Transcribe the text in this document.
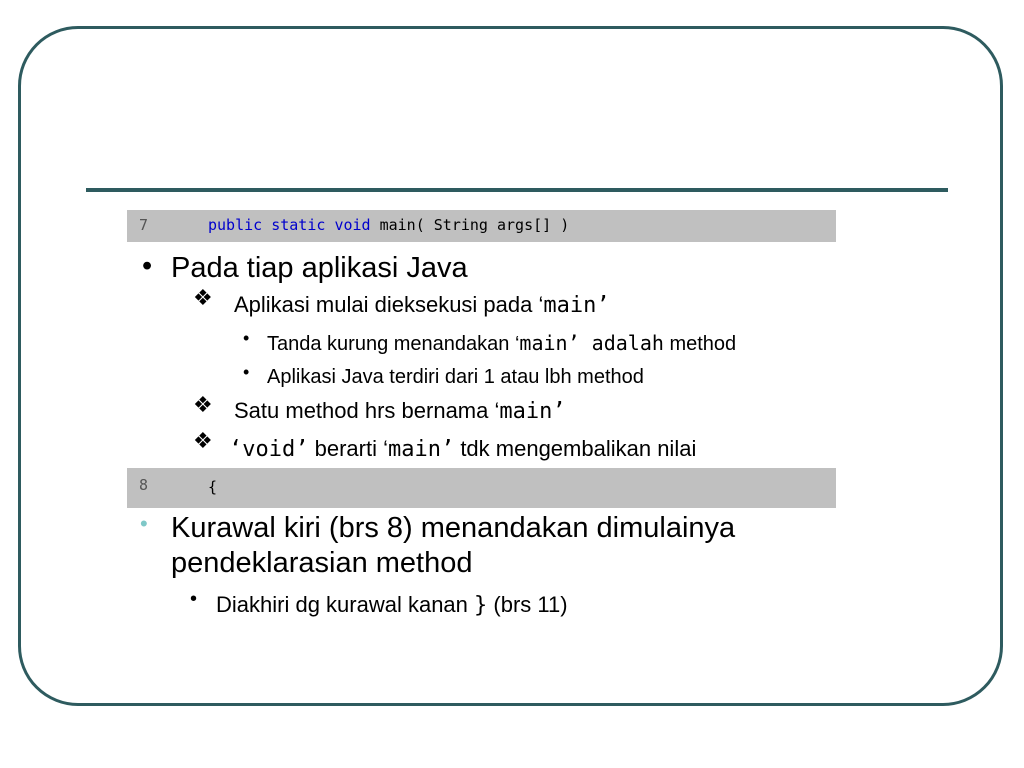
7	public static void main( String args[] )
• Pada tiap aplikasi Java
❖ Aplikasi mulai dieksekusi pada ‘main’
• Tanda kurung menandakan ‘main’ adalah method
• Aplikasi Java terdiri dari 1 atau lbh method
❖ Satu method hrs bernama ‘main’
❖ ‘void’ berarti ‘main’ tdk mengembalikan nilai
8	{
• Kurawal kiri (brs 8) menandakan dimulainya
pendeklarasian method
• Diakhiri dg kurawal kanan } (brs 11)
